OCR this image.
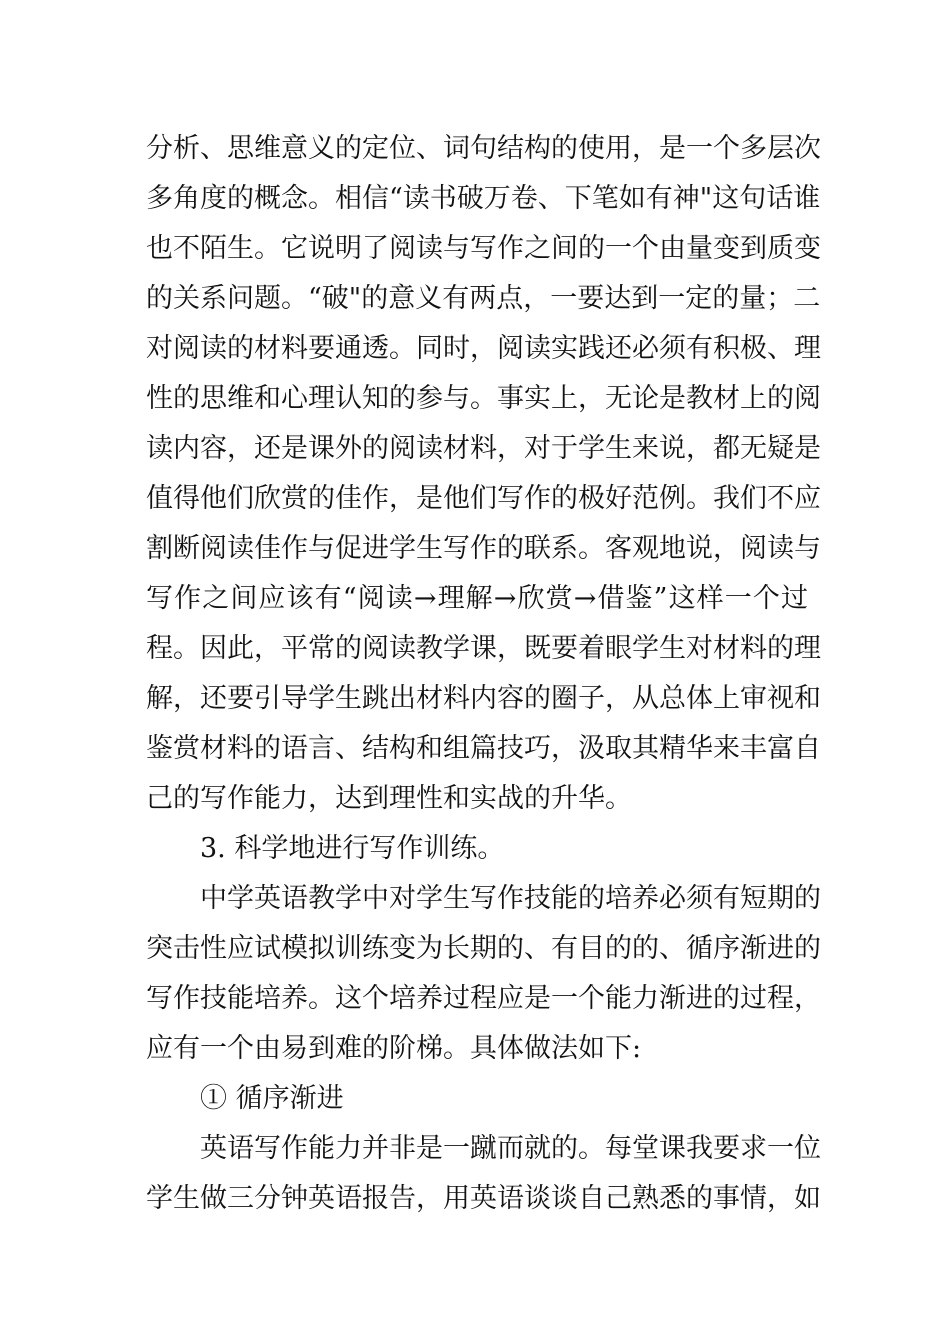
分析、思维意义的定位、词句结构的使用，是一个多层次
多角度的概念。相信“读书破万卷、下笔如有神"这句话谁
也不陌生。它说明了阅读与写作之间的一个由量变到质变
的关系问题。“破"的意义有两点，一要达到一定的量；二
对阅读的材料要通透。同时，阅读实践还必须有积极、理
性的思维和心理认知的参与。事实上，无论是教材上的阅
读内容，还是课外的阅读材料，对于学生来说，都无疑是
值得他们欣赏的佳作，是他们写作的极好范例。我们不应
割断阅读佳作与促进学生写作的联系。客观地说，阅读与
写作之间应该有“阅读→理解→欣赏→借鉴”这样一个过
程。因此，平常的阅读教学课，既要着眼学生对材料的理
解，还要引导学生跳出材料内容的圈子，从总体上审视和
鉴赏材料的语言、结构和组篇技巧，汲取其精华来丰富自
己的写作能力，达到理性和实战的升华。
3. 科学地进行写作训练。
中学英语教学中对学生写作技能的培养必须有短期的
突击性应试模拟训练变为长期的、有目的的、循序渐进的
写作技能培养。这个培养过程应是一个能力渐进的过程，
应有一个由易到难的阶梯。具体做法如下:
① 循序渐进
英语写作能力并非是一蹴而就的。每堂课我要求一位
学生做三分钟英语报告，用英语谈谈自己熟悉的事情，如
